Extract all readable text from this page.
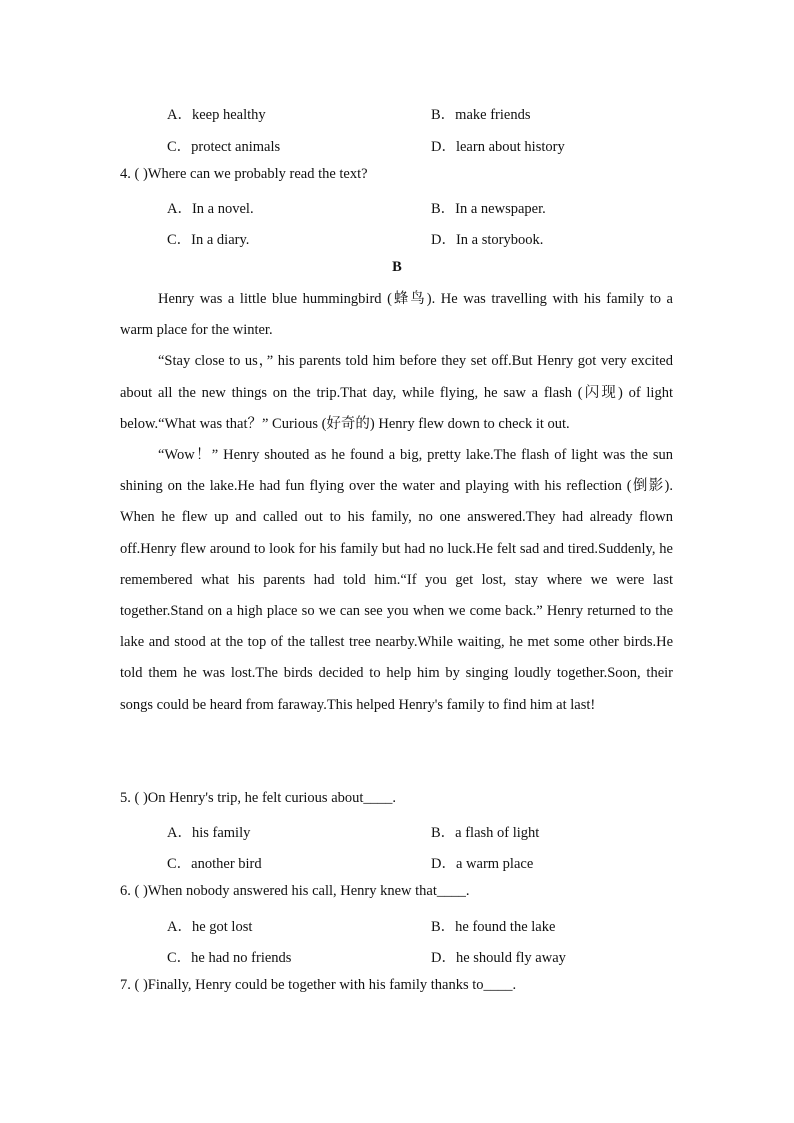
A．keep healthy	B．make friends
C．protect animals	D．learn about history
4. ( )Where can we probably read the text?
A．In a novel.	B．In a newspaper.
C．In a diary.	D．In a storybook.
B

Henry was a little blue hummingbird (蜂鸟). He was travelling with his family to a warm place for the winter.

“Stay close to us，” his parents told him before they set off.But Henry got very excited about all the new things on the trip.That day, while flying, he saw a flash (闪现) of light below.“What was that？” Curious (好奇的) Henry flew down to check it out.

“Wow！” Henry shouted as he found a big, pretty lake.The flash of light was the sun shining on the lake.He had fun flying over the water and playing with his reflection (倒影). When he flew up and called out to his family, no one answered.They had already flown off.Henry flew around to look for his family but had no luck.He felt sad and tired.Suddenly, he remembered what his parents had told him.“If you get lost, stay where we were last together.Stand on a high place so we can see you when we come back.” Henry returned to the lake and stood at the top of the tallest tree nearby.While waiting, he met some other birds.He told them he was lost.The birds decided to help him by singing loudly together.Soon, their songs could be heard from faraway.This helped Henry's family to find him at last!

5. ( )On Henry's trip, he felt curious about____.
A．his family	B．a flash of light
C．another bird	D．a warm place
6. ( )When nobody answered his call, Henry knew that____.
A．he got lost	B．he found the lake
C．he had no friends	D．he should fly away
7. ( )Finally, Henry could be together with his family thanks to____.
